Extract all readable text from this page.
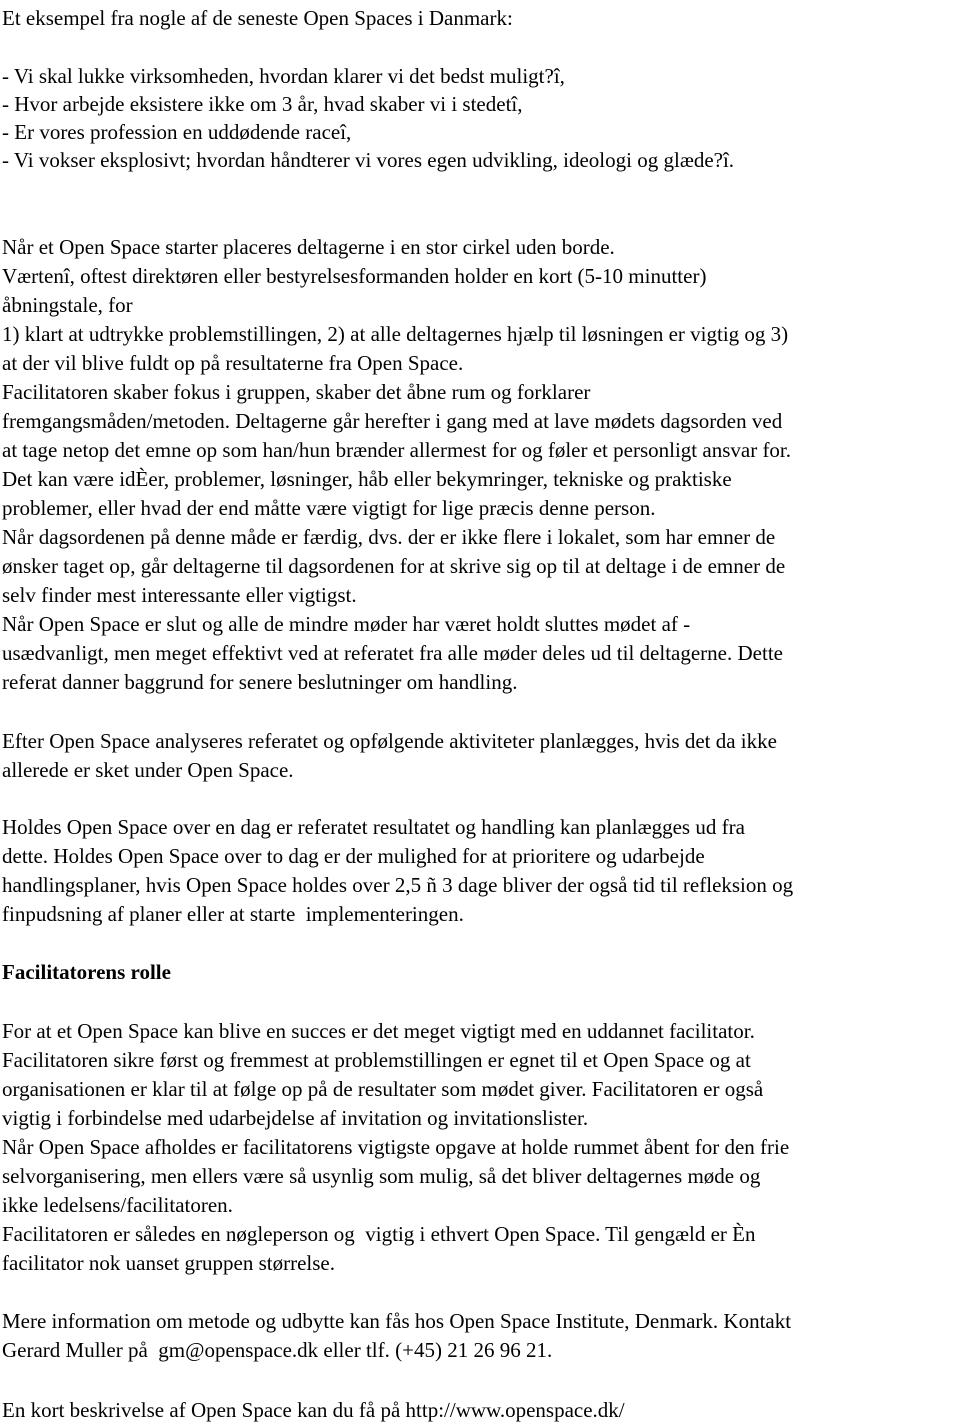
Et eksempel fra nogle af de seneste Open Spaces i Danmark:
- Vi skal lukke virksomheden, hvordan klarer vi det bedst muligt?î,
- Hvor arbejde eksistere ikke om 3 år, hvad skaber vi i stedetî,
- Er vores profession en uddødende raceî,
- Vi vokser eksplosivt; hvordan håndterer vi vores egen udvikling, ideologi og glæde?î.
Når et Open Space starter placeres deltagerne i en stor cirkel uden borde.
Værtenî, oftest direktøren eller bestyrelsesformanden holder en kort (5-10 minutter)
åbningstale, for
1) klart at udtrykke problemstillingen, 2) at alle deltagernes hjælp til løsningen er vigtig og 3)
at der vil blive fuldt op på resultaterne fra Open Space.
Facilitatoren skaber fokus i gruppen, skaber det åbne rum og forklarer
fremgangsmåden/metoden. Deltagerne går herefter i gang med at lave mødets dagsorden ved
at tage netop det emne op som han/hun brænder allermest for og føler et personligt ansvar for.
Det kan være idÈer, problemer, løsninger, håb eller bekymringer, tekniske og praktiske
problemer, eller hvad der end måtte være vigtigt for lige præcis denne person.
Når dagsordenen på denne måde er færdig, dvs. der er ikke flere i lokalet, som har emner de
ønsker taget op, går deltagerne til dagsordenen for at skrive sig op til at deltage i de emner de
selv finder mest interessante eller vigtigst.
Når Open Space er slut og alle de mindre møder har været holdt sluttes mødet af -
usædvanligt, men meget effektivt ved at referatet fra alle møder deles ud til deltagerne. Dette
referat danner baggrund for senere beslutninger om handling.
Efter Open Space analyseres referatet og opfølgende aktiviteter planlægges, hvis det da ikke
allerede er sket under Open Space.
Holdes Open Space over en dag er referatet resultatet og handling kan planlægges ud fra
dette. Holdes Open Space over to dag er der mulighed for at prioritere og udarbejde
handlingsplaner, hvis Open Space holdes over 2,5 ñ 3 dage bliver der også tid til refleksion og
finpudsning af planer eller at starte  implementeringen.
Facilitatorens rolle
For at et Open Space kan blive en succes er det meget vigtigt med en uddannet facilitator.
Facilitatoren sikre først og fremmest at problemstillingen er egnet til et Open Space og at
organisationen er klar til at følge op på de resultater som mødet giver. Facilitatoren er også
vigtig i forbindelse med udarbejdelse af invitation og invitationslister.
Når Open Space afholdes er facilitatorens vigtigste opgave at holde rummet åbent for den frie
selvorganisering, men ellers være så usynlig som mulig, så det bliver deltagernes møde og
ikke ledelsens/facilitatoren.
Facilitatoren er således en nøgleperson og  vigtig i ethvert Open Space. Til gengæld er Èn
facilitator nok uanset gruppen størrelse.
Mere information om metode og udbytte kan fås hos Open Space Institute, Denmark. Kontakt
Gerard Muller på  gm@openspace.dk eller tlf. (+45) 21 26 96 21.
En kort beskrivelse af Open Space kan du få på http://www.openspace.dk/
